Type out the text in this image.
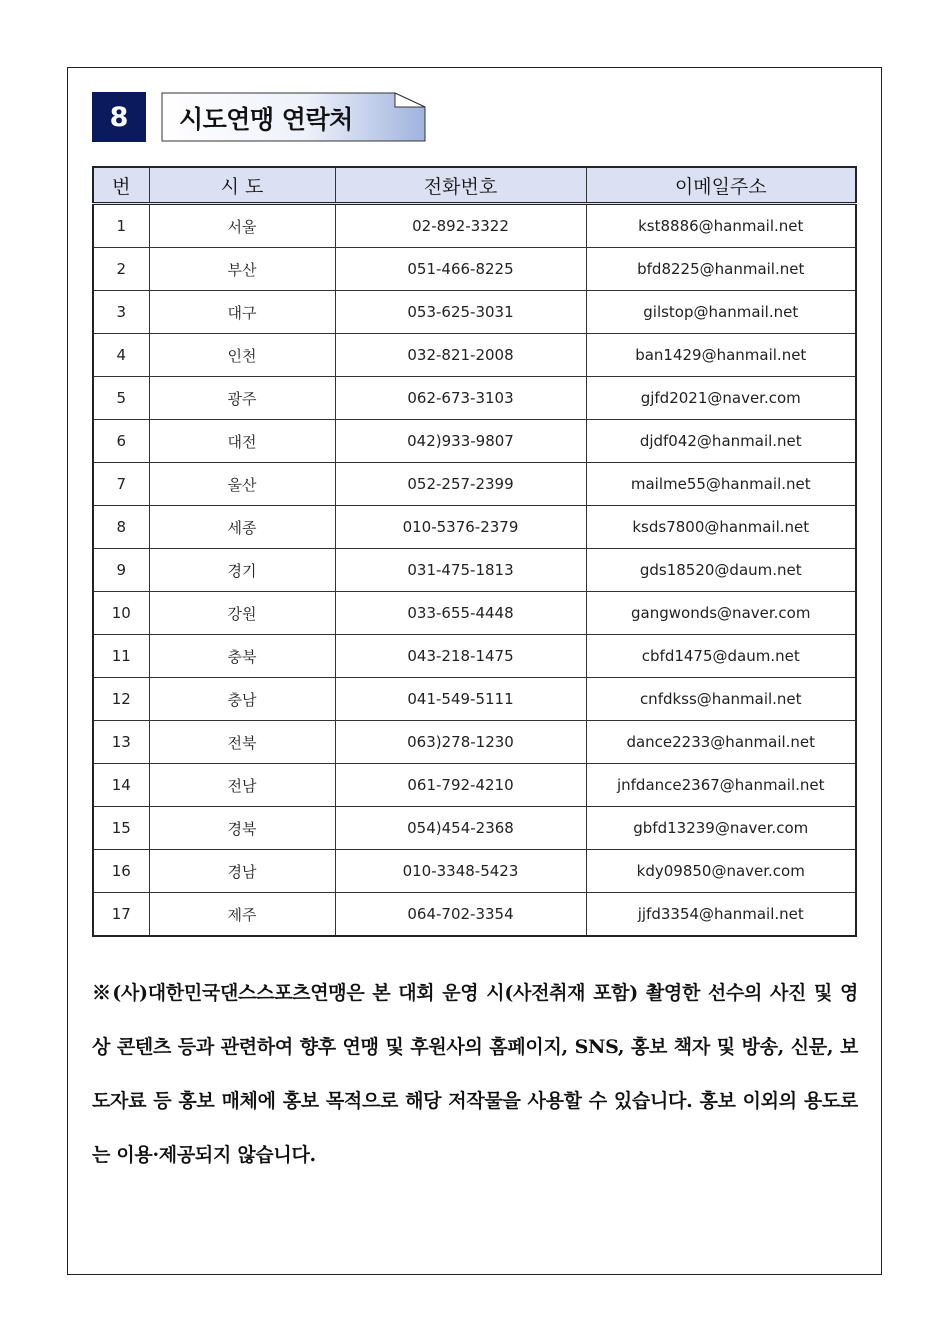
8	시도연맹 연락처
번	시 도	전화번호	이메일주소
1	서울	02-892-3322	kst8886@hanmail.net
2	부산	051-466-8225	bfd8225@hanmail.net
3	대구	053-625-3031	gilstop@hanmail.net
4	인천	032-821-2008	ban1429@hanmail.net
5	광주	062-673-3103	gjfd2021@naver.com
6	대전	042)933-9807	djdf042@hanmail.net
7	울산	052-257-2399	mailme55@hanmail.net
8	세종	010-5376-2379	ksds7800@hanmail.net
9	경기	031-475-1813	gds18520@daum.net
10	강원	033-655-4448	gangwonds@naver.com
11	충북	043-218-1475	cbfd1475@daum.net
12	충남	041-549-5111	cnfdkss@hanmail.net
13	전북	063)278-1230	dance2233@hanmail.net
14	전남	061-792-4210	jnfdance2367@hanmail.net
15	경북	054)454-2368	gbfd13239@naver.com
16	경남	010-3348-5423	kdy09850@naver.com
17	제주	064-702-3354	jjfd3354@hanmail.net
※(사)대한민국댄스스포츠연맹은 본 대회 운영 시(사전취재 포함) 촬영한 선수의 사진 및 영상 콘텐츠 등과 관련하여 향후 연맹 및 후원사의 홈페이지, SNS, 홍보 책자 및 방송, 신문, 보도자료 등 홍보 매체에 홍보 목적으로 해당 저작물을 사용할 수 있습니다. 홍보 이외의 용도로는 이용·제공되지 않습니다.
